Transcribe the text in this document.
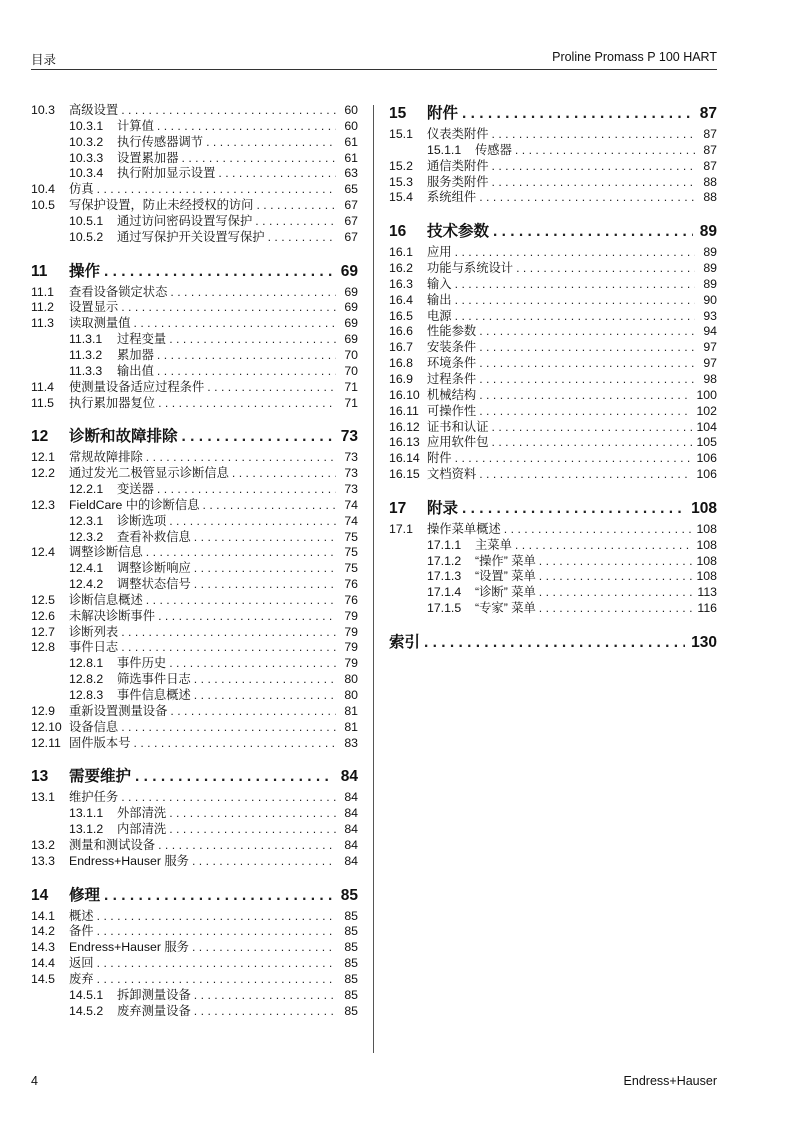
目录	Proline Promass P 100 HART
10.3	高级设置 . . .	60
10.3.1	计算值 . . .	60
10.3.2	执行传感器调节 . . .	61
10.3.3	设置累加器 . . .	61
10.3.4	执行附加显示设置 . . .	63
10.4	仿真 . . .	65
10.5	写保护设置，防止未经授权的访问 . . .	67
10.5.1	通过访问密码设置写保护 . . .	67
10.5.2	通过写保护开关设置写保护 . . .	67
11	操作 . . .	69
11.1	查看设备锁定状态 . . .	69
11.2	设置显示 . . .	69
11.3	读取测量值 . . .	69
11.3.1	过程变量 . . .	69
11.3.2	累加器 . . .	70
11.3.3	输出值 . . .	70
11.4	使测量设备适应过程条件 . . .	71
11.5	执行累加器复位 . . .	71
12	诊断和故障排除 . . .	73
12.1	常规故障排除 . . .	73
12.2	通过发光二极管显示诊断信息 . . .	73
12.2.1	变送器 . . .	73
12.3	FieldCare 中的诊断信息 . . .	74
12.3.1	诊断选项 . . .	74
12.3.2	查看补救信息 . . .	75
12.4	调整诊断信息 . . .	75
12.4.1	调整诊断响应 . . .	75
12.4.2	调整状态信号 . . .	76
12.5	诊断信息概述 . . .	76
12.6	未解决诊断事件 . . .	79
12.7	诊断列表 . . .	79
12.8	事件日志 . . .	79
12.8.1	事件历史 . . .	79
12.8.2	筛选事件日志 . . .	80
12.8.3	事件信息概述 . . .	80
12.9	重新设置测量设备 . . .	81
12.10 设备信息 . . .	81
12.11 固件版本号 . . .	83
13	需要维护 . . .	84
13.1	维护任务 . . .	84
13.1.1	外部清洗 . . .	84
13.1.2	内部清洗 . . .	84
13.2	测量和测试设备 . . .	84
13.3	Endress+Hauser 服务 . . .	84
14	修理 . . .	85
14.1	概述 . . .	85
14.2	备件 . . .	85
14.3	Endress+Hauser 服务 . . .	85
14.4	返回 . . .	85
14.5	废弃 . . .	85
14.5.1	拆卸测量设备 . . .	85
14.5.2	废弃测量设备 . . .	85
15	附件 . . .	87
15.1	仪表类附件 . . .	87
15.1.1	传感器 . . .	87
15.2	通信类附件 . . .	87
15.3	服务类附件 . . .	88
15.4	系统组件 . . .	88
16	技术参数 . . .	89
16.1	应用 . . .	89
16.2	功能与系统设计 . . .	89
16.3	输入 . . .	89
16.4	输出 . . .	90
16.5	电源 . . .	93
16.6	性能参数 . . .	94
16.7	安装条件 . . .	97
16.8	环境条件 . . .	97
16.9	过程条件 . . .	98
16.10 机械结构 . . .	100
16.11 可操作性 . . .	102
16.12 证书和认证 . . .	104
16.13 应用软件包 . . .	105
16.14 附件 . . .	106
16.15 文档资料 . . .	106
17	附录 . . .	108
17.1	操作菜单概述 . . .	108
17.1.1	主菜单 . . .	108
17.1.2	“操作” 菜单 . . .	108
17.1.3	“设置” 菜单 . . .	108
17.1.4	“诊断” 菜单 . . .	113
17.1.5	“专家” 菜单 . . .	116
索引 . . .	130
4	Endress+Hauser
